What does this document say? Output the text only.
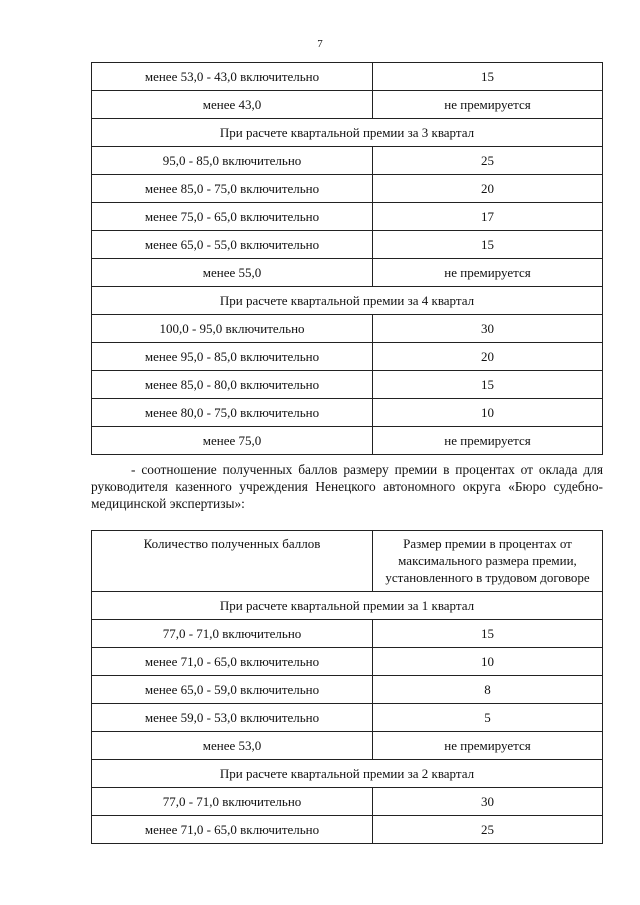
7
менее 53,0 - 43,0 включительно	15
менее 43,0	не премируется
При расчете квартальной премии за 3 квартал	
95,0 - 85,0 включительно	25
менее 85,0 - 75,0 включительно	20
менее 75,0 - 65,0 включительно	17
менее 65,0 - 55,0 включительно	15
менее 55,0	не премируется
При расчете квартальной премии за 4 квартал	
100,0 - 95,0 включительно	30
менее 95,0 - 85,0 включительно	20
менее 85,0 - 80,0 включительно	15
менее 80,0 - 75,0 включительно	10
менее 75,0	не премируется
- соотношение полученных баллов размеру премии в процентах от оклада для руководителя казенного учреждения Ненецкого автономного округа «Бюро судебно-медицинской экспертизы»:
Количество полученных баллов	Размер премии в процентах от максимального размера премии, установленного в трудовом договоре
При расчете квартальной премии за 1 квартал	
77,0 - 71,0 включительно	15
менее 71,0 - 65,0 включительно	10
менее 65,0 - 59,0 включительно	8
менее 59,0 - 53,0 включительно	5
менее 53,0	не премируется
При расчете квартальной премии за 2 квартал	
77,0 - 71,0 включительно	30
менее 71,0 - 65,0 включительно	25
